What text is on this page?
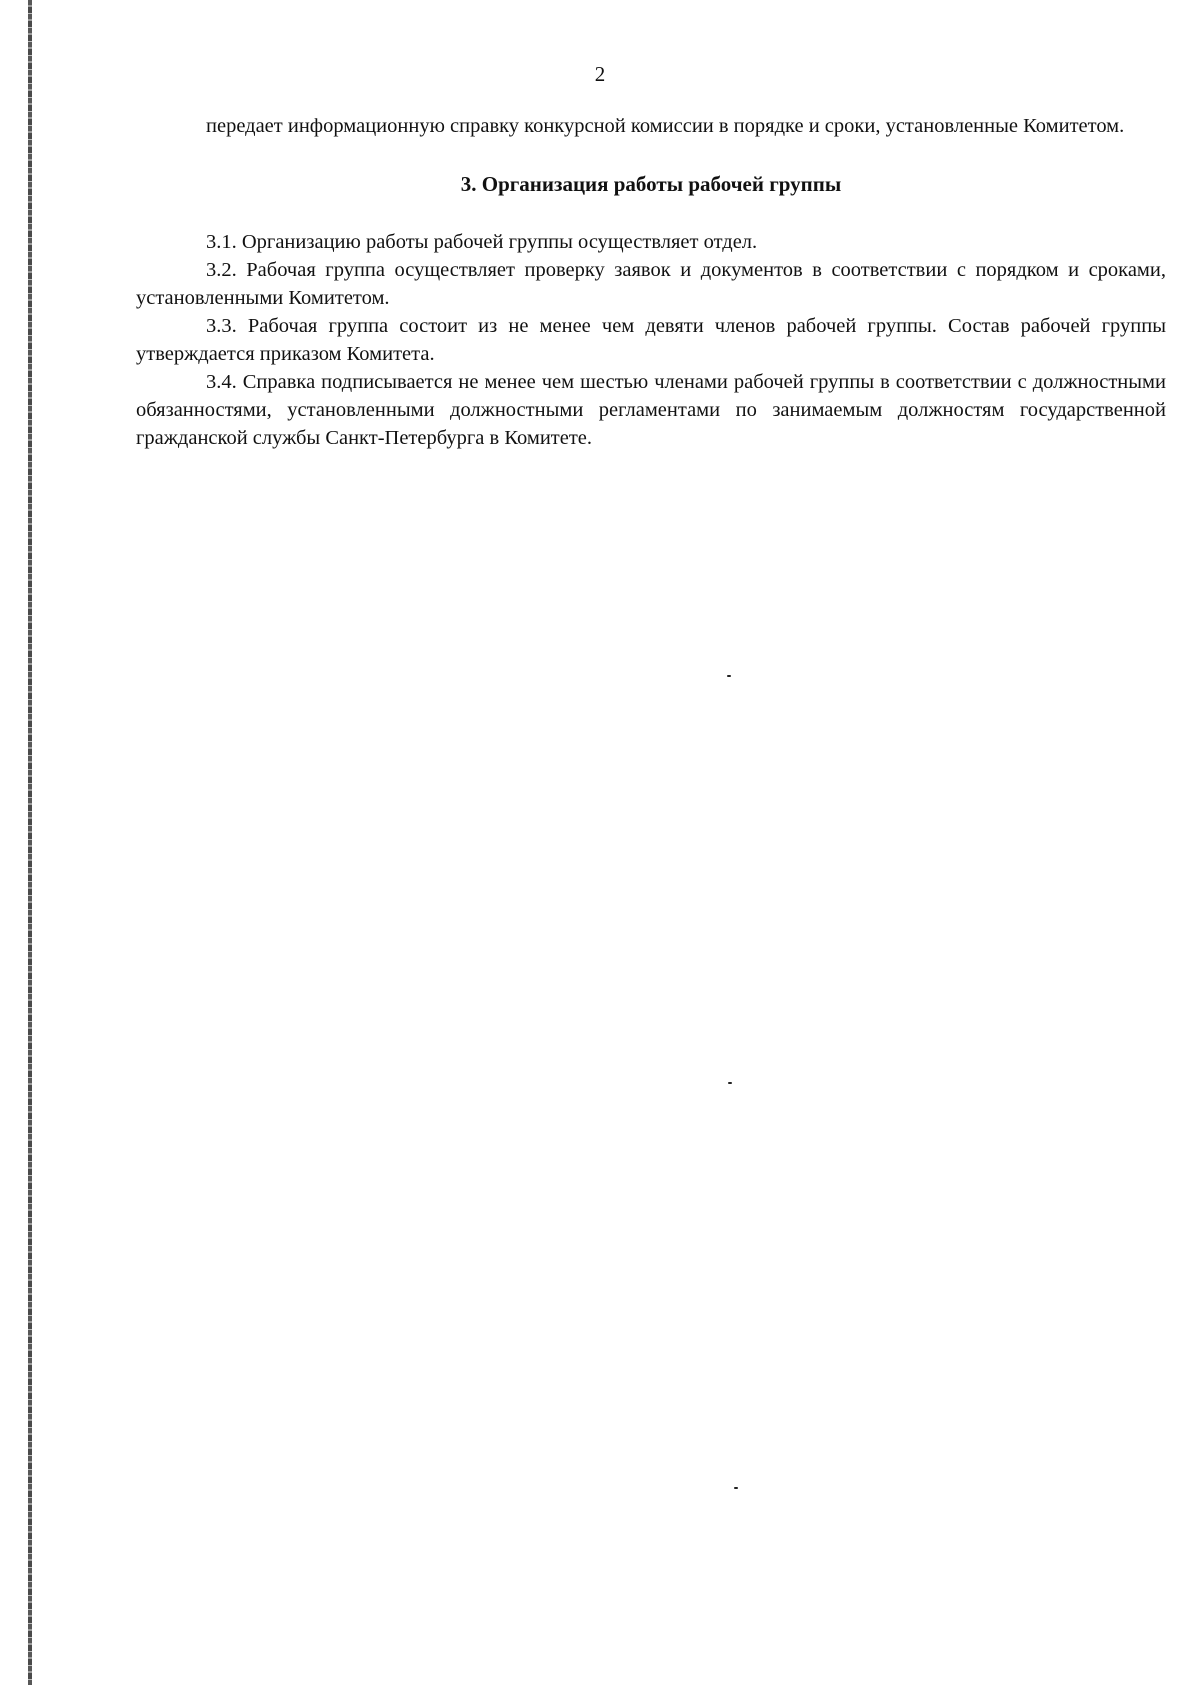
2

передает информационную справку конкурсной комиссии в порядке и сроки, установленные Комитетом.

3. Организация работы рабочей группы

3.1. Организацию работы рабочей группы осуществляет отдел.

3.2. Рабочая группа осуществляет проверку заявок и документов в соответствии с порядком и сроками, установленными Комитетом.

3.3. Рабочая группа состоит из не менее чем девяти членов рабочей группы. Состав рабочей группы утверждается приказом Комитета.

3.4. Справка подписывается не менее чем шестью членами рабочей группы в соответствии с должностными обязанностями, установленными должностными регламентами по занимаемым должностям государственной гражданской службы Санкт-Петербурга в Комитете.
